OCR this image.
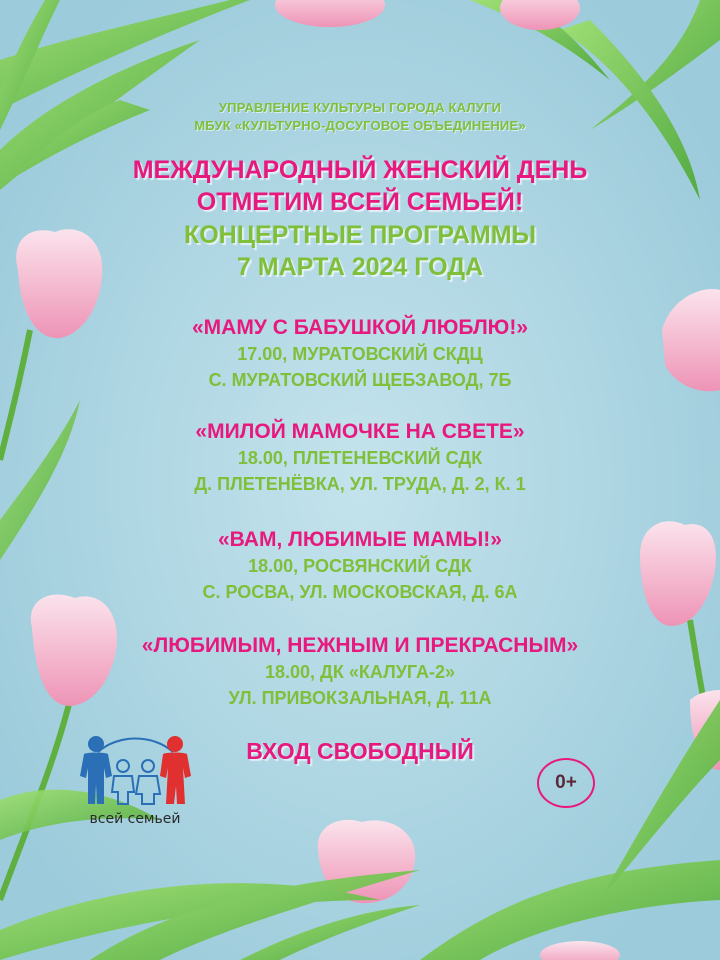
УПРАВЛЕНИЕ КУЛЬТУРЫ ГОРОДА КАЛУГИ
МБУК «КУЛЬТУРНО-ДОСУГОВОЕ ОБЪЕДИНЕНИЕ»
МЕЖДУНАРОДНЫЙ ЖЕНСКИЙ ДЕНЬ
ОТМЕТИМ ВСЕЙ СЕМЬЕЙ!
КОНЦЕРТНЫЕ ПРОГРАММЫ
7 МАРТА 2024 ГОДА
«МАМУ С БАБУШКОЙ ЛЮБЛЮ!»
17.00, МУРАТОВСКИЙ СКДЦ
С. МУРАТОВСКИЙ ЩЕБЗАВОД, 7Б
«МИЛОЙ МАМОЧКЕ НА СВЕТЕ»
18.00, ПЛЕТЕНЕВСКИЙ СДК
Д. ПЛЕТЕНЁВКА, УЛ. ТРУДА, Д. 2, К. 1
«ВАМ, ЛЮБИМЫЕ МАМЫ!»
18.00, РОСВЯНСКИЙ СДК
С. РОСВА, УЛ. МОСКОВСКАЯ, Д. 6А
«ЛЮБИМЫМ, НЕЖНЫМ И ПРЕКРАСНЫМ»
18.00, ДК «КАЛУГА-2»
УЛ. ПРИВОКЗАЛЬНАЯ, Д. 11А
ВХОД СВОБОДНЫЙ
0+
всей семьей
